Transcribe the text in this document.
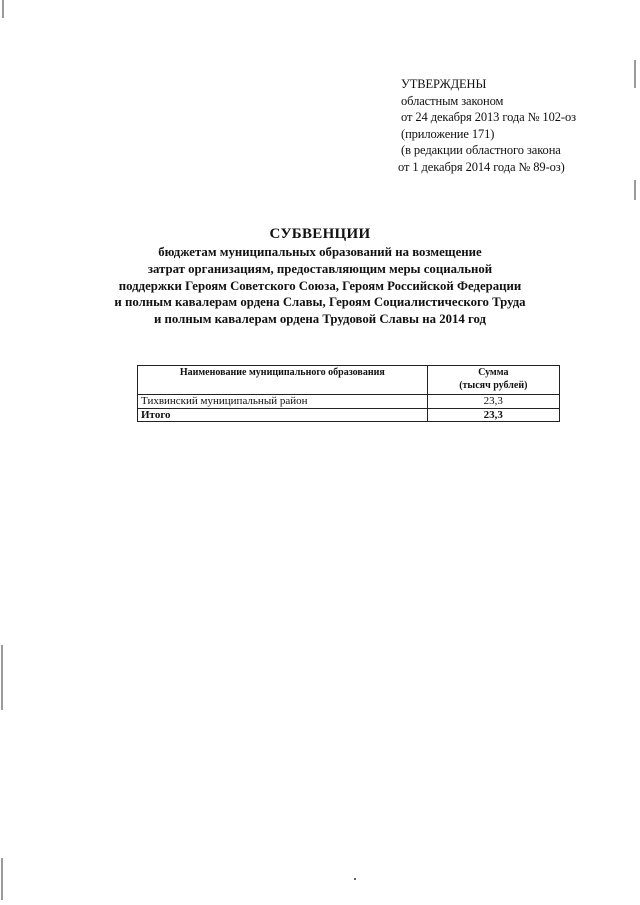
УТВЕРЖДЕНЫ
областным законом
от 24 декабря 2013 года № 102-оз
(приложение 171)
(в редакции областного закона
от 1 декабря 2014 года № 89-оз)
СУБВЕНЦИИ
бюджетам муниципальных образований на возмещение
затрат организациям, предоставляющим меры социальной
поддержки Героям Советского Союза, Героям Российской Федерации
и полным кавалерам ордена Славы, Героям Социалистического Труда
и полным кавалерам ордена Трудовой Славы на 2014 год
Наименование муниципального образования	Сумма
(тысяч рублей)
Тихвинский муниципальный район	23,3
Итого	23,3
